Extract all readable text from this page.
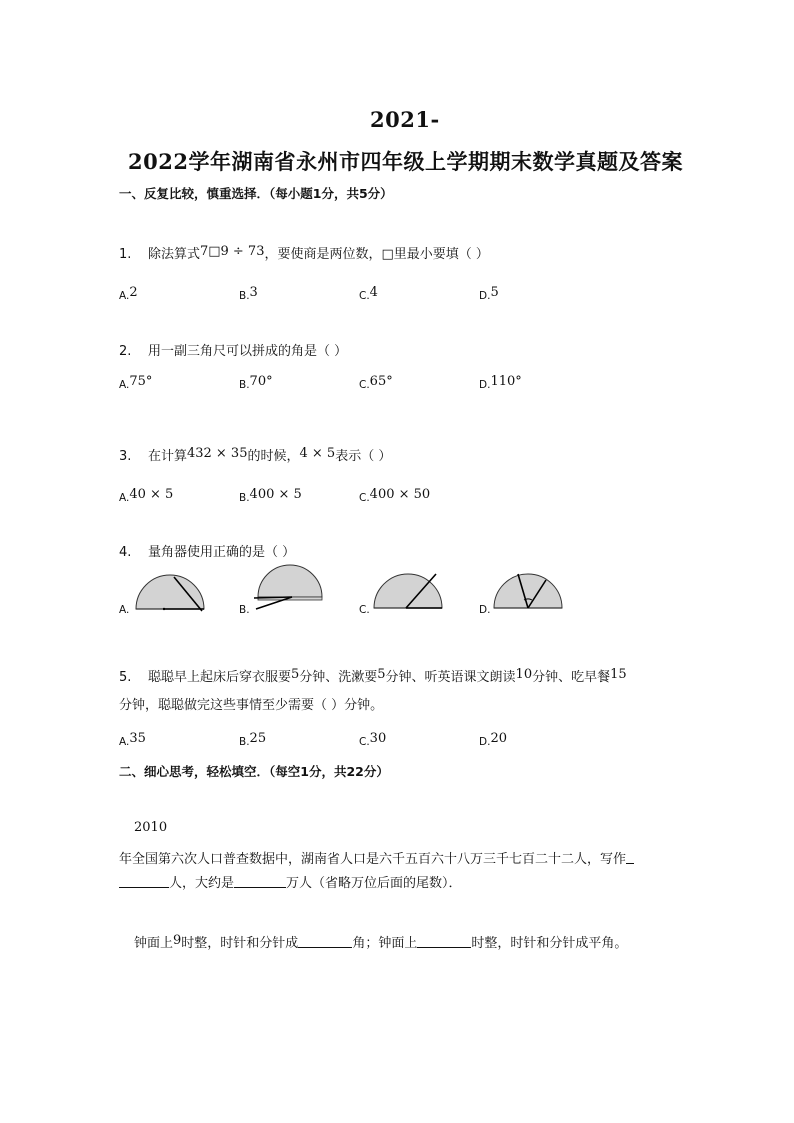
2021-
2022学年湖南省永州市四年级上学期期末数学真题及答案
一、反复比较，慎重选择．（每小题1分，共5分）
1. 除法算式7□9 ÷ 73，要使商是两位数，□里最小要填（ ）
A.2	B.3	C.4	D.5
2. 用一副三角尺可以拼成的角是（ ）
A.75°	B.70°	C.65°	D.110°
3. 在计算432 × 35的时候，4 × 5表示（ ）
A.40 × 5	B.400 × 5	C.400 × 50
4. 量角器使用正确的是（ ）
A.	B.	C.	D.
5. 聪聪早上起床后穿衣服要5分钟、洗漱要5分钟、听英语课文朗读10分钟、吃早餐15
分钟，聪聪做完这些事情至少需要（ ）分钟。
A.35	B.25	C.30	D.20
二、细心思考，轻松填空．（每空1分，共22分）
2010
年全国第六次人口普查数据中，湖南省人口是六千五百六十八万三千七百二十二人，写作
人，大约是	万人（省略万位后面的尾数）．
钟面上9时整，时针和分针成	角；钟面上	时整，时针和分针成平角。
